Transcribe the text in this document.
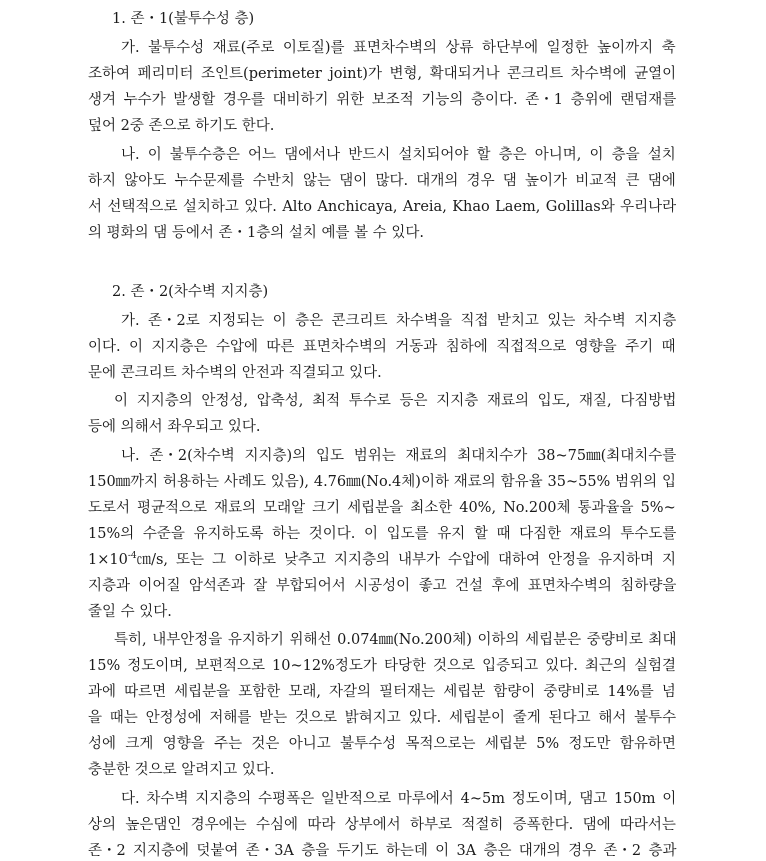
1. 존・1(불투수성 층)
가. 불투수성 재료(주로 이토질)를 표면차수벽의 상류 하단부에 일정한 높이까지 축
조하여 페리미터 조인트(perimeter joint)가 변형, 확대되거나 콘크리트 차수벽에 균열이
생겨 누수가 발생할 경우를 대비하기 위한 보조적 기능의 층이다. 존・1 층위에 랜덤재를
덮어 2중 존으로 하기도 한다.
나. 이 불투수층은 어느 댐에서나 반드시 설치되어야 할 층은 아니며, 이 층을 설치
하지 않아도 누수문제를 수반치 않는 댐이 많다. 대개의 경우 댐 높이가 비교적 큰 댐에
서 선택적으로 설치하고 있다. Alto Anchicaya, Areia, Khao Laem, Golillas와 우리나라
의 평화의 댐 등에서 존・1층의 설치 예를 볼 수 있다.
2. 존・2(차수벽 지지층)
가. 존・2로 지정되는 이 층은 콘크리트 차수벽을 직접 받치고 있는 차수벽 지지층
이다. 이 지지층은 수압에 따른 표면차수벽의 거동과 침하에 직접적으로 영향을 주기 때
문에 콘크리트 차수벽의 안전과 직결되고 있다.
이 지지층의 안정성, 압축성, 최적 투수로 등은 지지층 재료의 입도, 재질, 다짐방법
등에 의해서 좌우되고 있다.
나. 존・2(차수벽 지지층)의 입도 범위는 재료의 최대치수가 38~75㎜(최대치수를
150㎜까지 허용하는 사례도 있음), 4.76㎜(No.4체)이하 재료의 함유율 35~55% 범위의 입
도로서 평균적으로 재료의 모래알 크기 세립분을 최소한 40%, No.200체 통과율을 5%~
15%의 수준을 유지하도록 하는 것이다. 이 입도를 유지 할 때 다짐한 재료의 투수도를
$1\times 10^{-4}㎝/s$, 또는 그 이하로 낮추고 지지층의 내부가 수압에 대하여 안정을 유지하며 지
지층과 이어질 암석존과 잘 부합되어서 시공성이 좋고 건설 후에 표면차수벽의 침하량을
줄일 수 있다.
특히, 내부안정을 유지하기 위해선 0.074㎜(No.200체) 이하의 세립분은 중량비로 최대
15% 정도이며, 보편적으로 10~12%정도가 타당한 것으로 입증되고 있다. 최근의 실험결
과에 따르면 세립분을 포함한 모래, 자갈의 필터재는 세립분 함량이 중량비로 14%를 넘
을 때는 안정성에 저해를 받는 것으로 밝혀지고 있다. 세립분이 줄게 된다고 해서 불투수
성에 크게 영향을 주는 것은 아니고 불투수성 목적으로는 세립분 5% 정도만 함유하면
충분한 것으로 알려지고 있다.
다. 차수벽 지지층의 수평폭은 일반적으로 마루에서 4~5m 정도이며, 댐고 150m 이
상의 높은댐인 경우에는 수심에 따라 상부에서 하부로 적절히 증폭한다. 댐에 따라서는
존・2 지지층에 덧붙여 존・3A 층을 두기도 하는데 이 3A 층은 대개의 경우 존・2 층과
